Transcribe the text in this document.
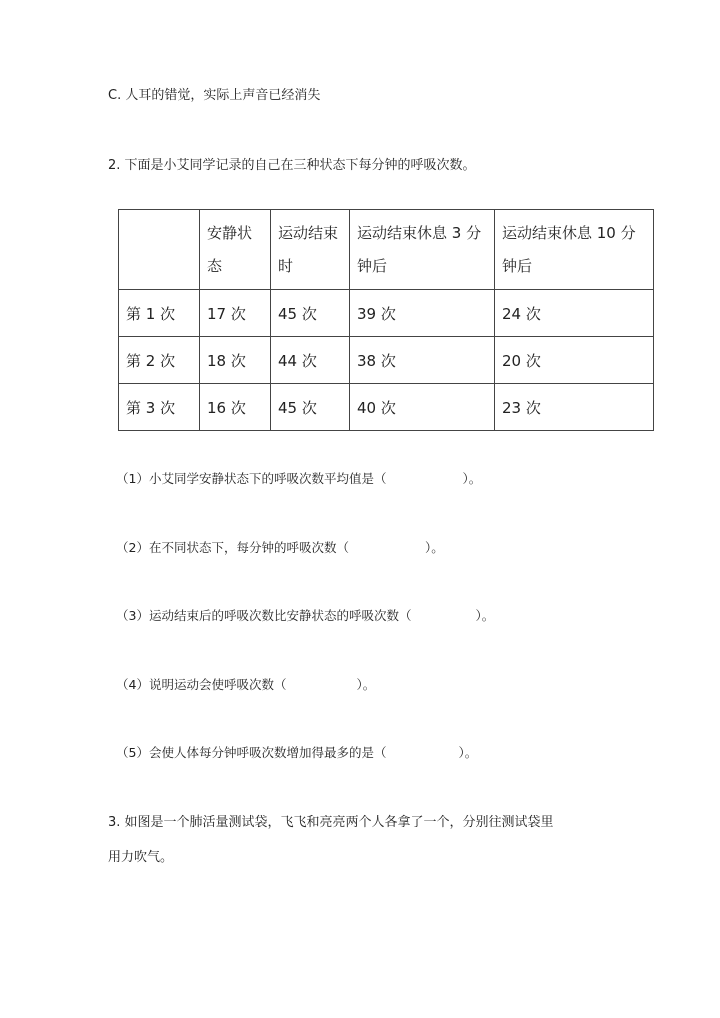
C. 人耳的错觉，实际上声音已经消失
2. 下面是小艾同学记录的自己在三种状态下每分钟的呼吸次数。
	安静状态	运动结束时	运动结束休息 3 分钟后	运动结束休息 10 分钟后
第 1 次	17 次	45 次	39 次	24 次
第 2 次	18 次	44 次	38 次	20 次
第 3 次	16 次	45 次	40 次	23 次
（1）小艾同学安静状态下的呼吸次数平均值是（	）。
（2）在不同状态下，每分钟的呼吸次数（	）。
（3）运动结束后的呼吸次数比安静状态的呼吸次数（	）。
（4）说明运动会使呼吸次数（	）。
（5）会使人体每分钟呼吸次数增加得最多的是（	）。
3. 如图是一个肺活量测试袋，飞飞和亮亮两个人各拿了一个，分别往测试袋里
用力吹气。
